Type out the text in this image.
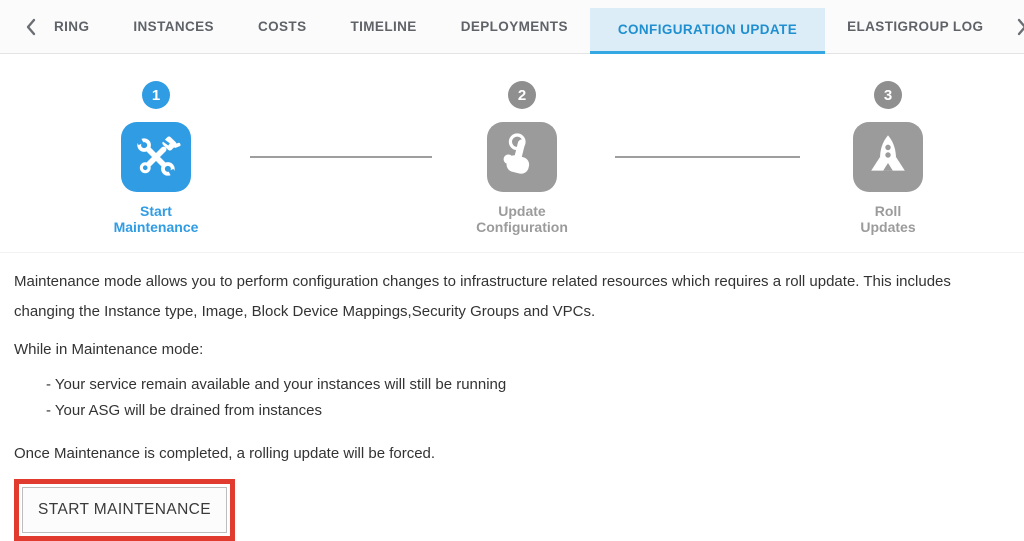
RING	INSTANCES	COSTS	TIMELINE	DEPLOYMENTS	CONFIGURATION UPDATE	ELASTIGROUP LOG
1
Start
Maintenance
2
Update
Configuration
3
Roll
Updates

Maintenance mode allows you to perform configuration changes to infrastructure related resources which requires a roll update. This includes changing the Instance type, Image, Block Device Mappings,Security Groups and VPCs.

While in Maintenance mode:

- Your service remain available and your instances will still be running

- Your ASG will be drained from instances

Once Maintenance is completed, a rolling update will be forced.

START MAINTENANCE
